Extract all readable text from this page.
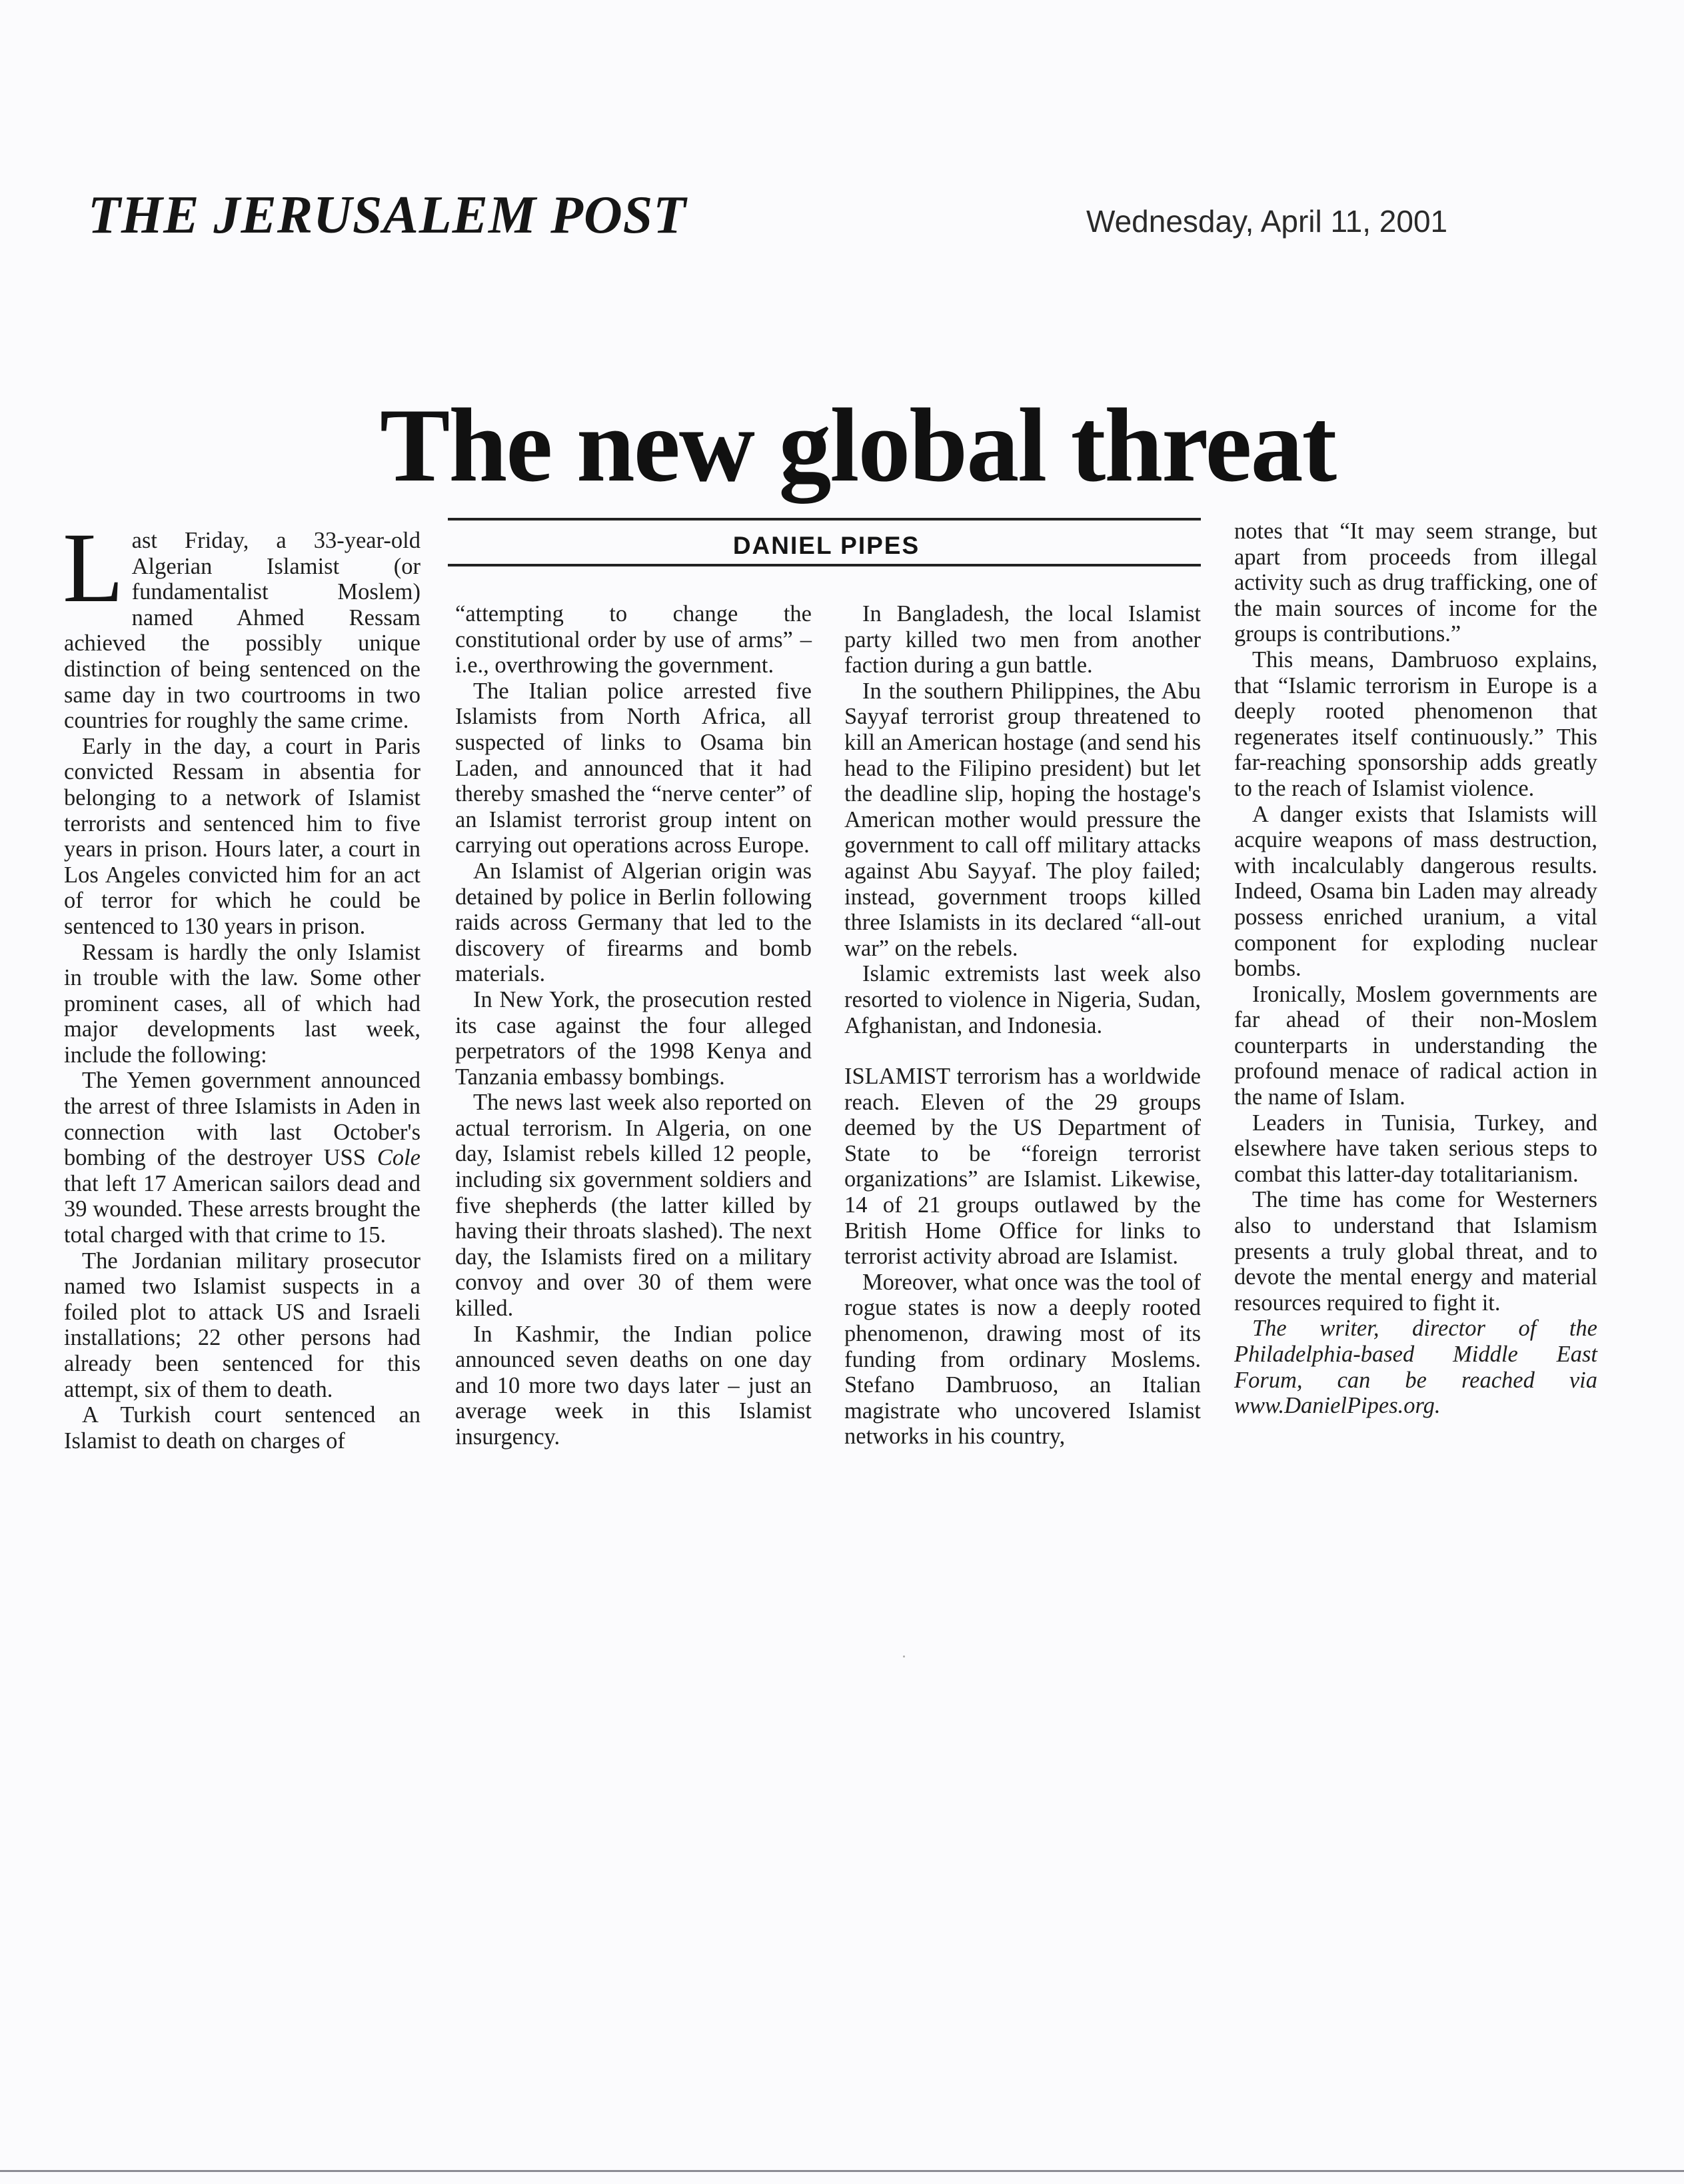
THE JERUSALEM POST	Wednesday, April 11, 2001
The new global threat
DANIEL PIPES

Last Friday, a 33-year-old Algerian Islamist (or fundamentalist Moslem) named Ahmed Ressam achieved the possibly unique distinction of being sentenced on the same day in two courtrooms in two countries for roughly the same crime.

Early in the day, a court in Paris convicted Ressam in absentia for belonging to a network of Islamist terrorists and sentenced him to five years in prison. Hours later, a court in Los Angeles convicted him for an act of terror for which he could be sentenced to 130 years in prison.

Ressam is hardly the only Islamist in trouble with the law. Some other prominent cases, all of which had major developments last week, include the following:

The Yemen government announced the arrest of three Islamists in Aden in connection with last October's bombing of the destroyer USS Cole that left 17 American sailors dead and 39 wounded. These arrests brought the total charged with that crime to 15.

The Jordanian military prosecutor named two Islamist suspects in a foiled plot to attack US and Israeli installations; 22 other persons had already been sentenced for this attempt, six of them to death.

A Turkish court sentenced an Islamist to death on charges of

“attempting to change the constitutional order by use of arms” – i.e., overthrowing the government.

The Italian police arrested five Islamists from North Africa, all suspected of links to Osama bin Laden, and announced that it had thereby smashed the “nerve center” of an Islamist terrorist group intent on carrying out operations across Europe.

An Islamist of Algerian origin was detained by police in Berlin following raids across Germany that led to the discovery of firearms and bomb materials.

In New York, the prosecution rested its case against the four alleged perpetrators of the 1998 Kenya and Tanzania embassy bombings.

The news last week also reported on actual terrorism. In Algeria, on one day, Islamist rebels killed 12 people, including six government soldiers and five shepherds (the latter killed by having their throats slashed). The next day, the Islamists fired on a military convoy and over 30 of them were killed.

In Kashmir, the Indian police announced seven deaths on one day and 10 more two days later – just an average week in this Islamist insurgency.

In Bangladesh, the local Islamist party killed two men from another faction during a gun battle.

In the southern Philippines, the Abu Sayyaf terrorist group threatened to kill an American hostage (and send his head to the Filipino president) but let the deadline slip, hoping the hostage's American mother would pressure the government to call off military attacks against Abu Sayyaf. The ploy failed; instead, government troops killed three Islamists in its declared “all-out war” on the rebels.

Islamic extremists last week also resorted to violence in Nigeria, Sudan, Afghanistan, and Indonesia.

ISLAMIST terrorism has a worldwide reach. Eleven of the 29 groups deemed by the US Department of State to be “foreign terrorist organizations” are Islamist. Likewise, 14 of 21 groups outlawed by the British Home Office for links to terrorist activity abroad are Islamist.

Moreover, what once was the tool of rogue states is now a deeply rooted phenomenon, drawing most of its funding from ordinary Moslems. Stefano Dambruoso, an Italian magistrate who uncovered Islamist networks in his country,

notes that “It may seem strange, but apart from proceeds from illegal activity such as drug trafficking, one of the main sources of income for the groups is contributions.”

This means, Dambruoso explains, that “Islamic terrorism in Europe is a deeply rooted phenomenon that regenerates itself continuously.” This far-reaching sponsorship adds greatly to the reach of Islamist violence.

A danger exists that Islamists will acquire weapons of mass destruction, with incalculably dangerous results. Indeed, Osama bin Laden may already possess enriched uranium, a vital component for exploding nuclear bombs.

Ironically, Moslem governments are far ahead of their non-Moslem counterparts in understanding the profound menace of radical action in the name of Islam.

Leaders in Tunisia, Turkey, and elsewhere have taken serious steps to combat this latter-day totalitarianism.

The time has come for Westerners also to understand that Islamism presents a truly global threat, and to devote the mental energy and material resources required to fight it.

The writer, director of the Philadelphia-based Middle East Forum, can be reached via www.DanielPipes.org.
